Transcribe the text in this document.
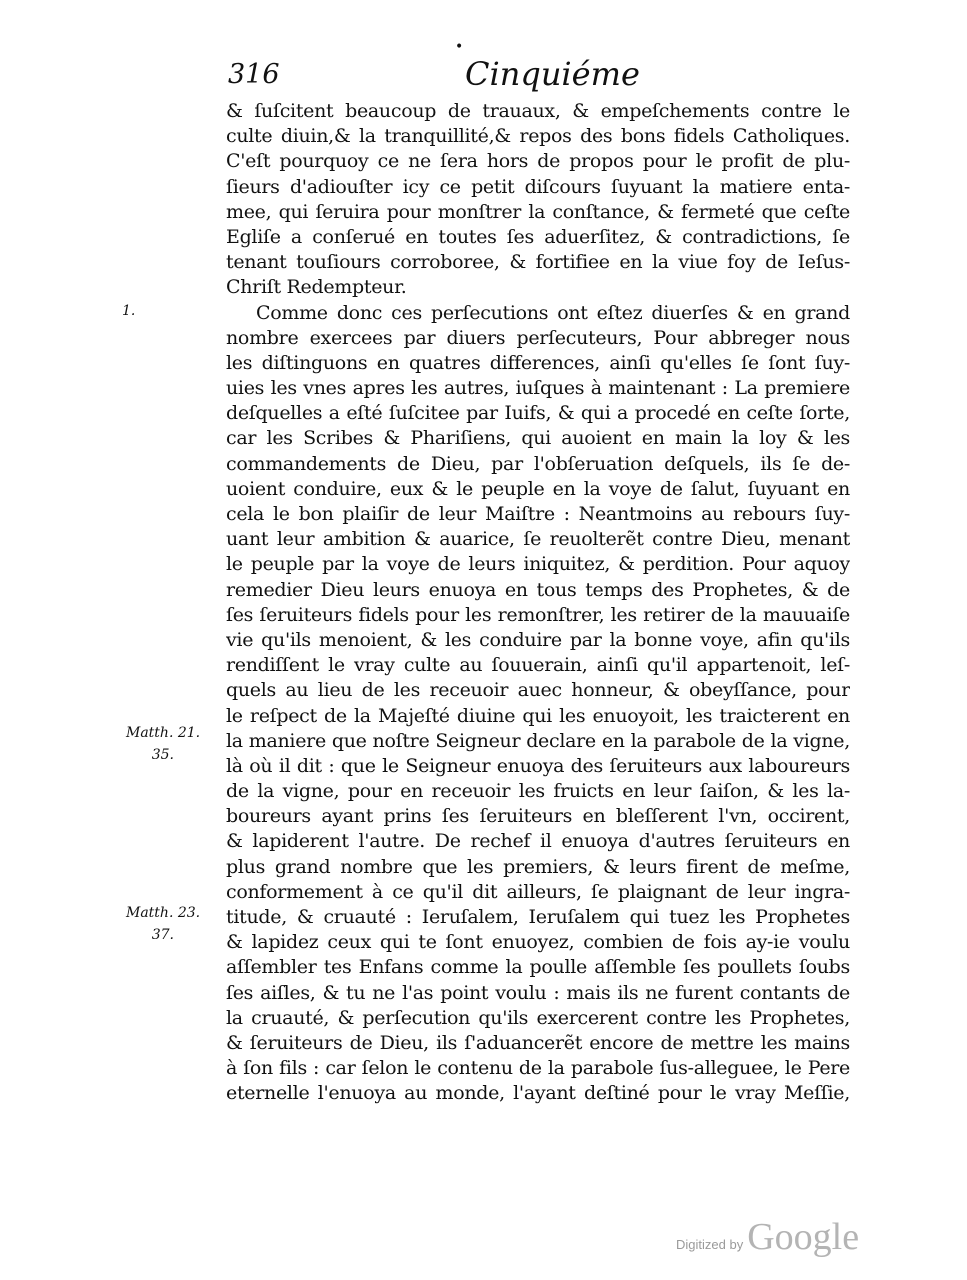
•
316	Cinquiéme
& ſuſcitent beaucoup de trauaux, & empeſchements contre le
culte diuin,& la tranquillité,& repos des bons fidels Catholiques.
C'eſt pourquoy ce ne ſera hors de propos pour le profit de plu-
ſieurs d'adiouſter icy ce petit diſcours ſuyuant la matiere enta-
mee, qui ſeruira pour monſtrer la conſtance, & fermeté que ceſte
Egliſe a conſerué en toutes ſes aduerſitez, & contradictions, ſe
tenant touſiours corroboree, & fortifiee en la viue foy de Ieſus-
Chriſt Redempteur.
Comme donc ces perſecutions ont eſtez diuerſes & en grand
nombre exercees par diuers perſecuteurs, Pour abbreger nous
les diſtinguons en quatres differences, ainſi qu'elles ſe ſont ſuy-
uies les vnes apres les autres, iuſques à maintenant : La premiere
deſquelles a eſté ſuſcitee par Iuifs, & qui a procedé en ceſte ſorte,
car les Scribes & Phariſiens, qui auoient en main la loy & les
commandements de Dieu, par l'obſeruation deſquels, ils ſe de-
uoient conduire, eux & le peuple en la voye de ſalut, ſuyuant en
cela le bon plaiſir de leur Maiſtre : Neantmoins au rebours ſuy-
uant leur ambition & auarice, ſe reuolterẽt contre Dieu, menant
le peuple par la voye de leurs iniquitez, & perdition. Pour aquoy
remedier Dieu leurs enuoya en tous temps des Prophetes, & de
ſes ſeruiteurs fidels pour les remonſtrer, les retirer de la mauuaiſe
vie qu'ils menoient, & les conduire par la bonne voye, afin qu'ils
rendiſſent le vray culte au ſouuerain, ainſi qu'il appartenoit, leſ-
quels au lieu de les receuoir auec honneur, & obeyſſance, pour
le reſpect de la Majeſté diuine qui les enuoyoit, les traicterent en
la maniere que noſtre Seigneur declare en la parabole de la vigne,
là où il dit : que le Seigneur enuoya des ſeruiteurs aux laboureurs
de la vigne, pour en receuoir les fruicts en leur ſaiſon, & les la-
boureurs ayant prins ſes ſeruiteurs en bleſſerent l'vn, occirent,
& lapiderent l'autre. De rechef il enuoya d'autres ſeruiteurs en
plus grand nombre que les premiers, & leurs firent de meſme,
conformement à ce qu'il dit ailleurs, ſe plaignant de leur ingra-
titude, & cruauté : Ieruſalem, Ieruſalem qui tuez les Prophetes
& lapidez ceux qui te ſont enuoyez, combien de fois ay-ie voulu
aſſembler tes Enfans comme la poulle aſſemble ſes poullets ſoubs
ſes aiſles, & tu ne l'as point voulu : mais ils ne furent contants de
la cruauté, & perſecution qu'ils exercerent contre les Prophetes,
& ſeruiteurs de Dieu, ils ſ'aduancerẽt encore de mettre les mains
à ſon fils : car ſelon le contenu de la parabole ſus-alleguee, le Pere
eternelle l'enuoya au monde, l'ayant deſtiné pour le vray Meſſie,
1.
Matth. 21.
35.
Matth. 23.
37.
Digitized by Google
